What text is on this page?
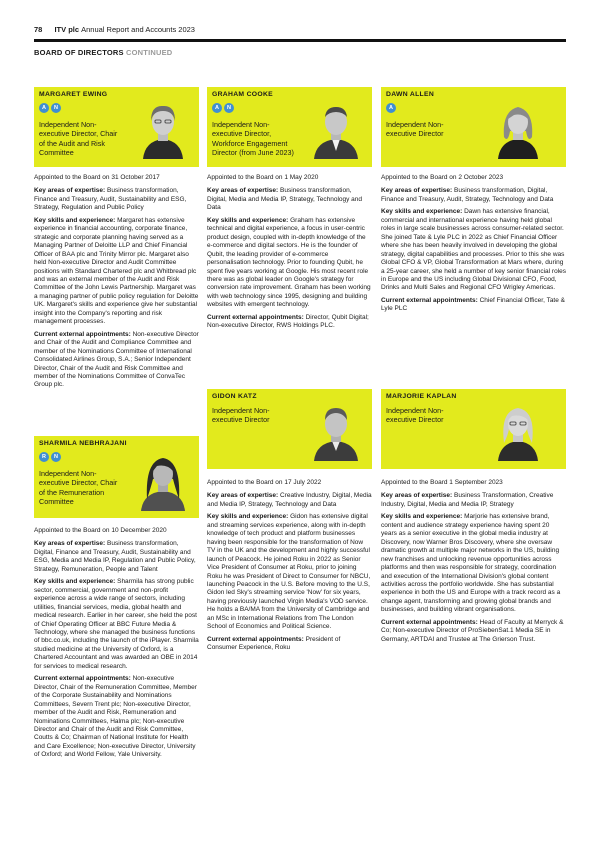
78 ITV plc Annual Report and Accounts 2023
BOARD OF DIRECTORS CONTINUED
MARGARET EWING
A	N
Independent Non-executive Director, Chair of the Audit and Risk Committee
GRAHAM COOKE
A	N
Independent Non-executive Director, Workforce Engagement Director (from June 2023)
DAWN ALLEN
A
Independent Non-executive Director

Appointed to the Board on 31 October 2017

Key areas of expertise: Business transformation, Finance and Treasury, Audit, Sustainability and ESG, Strategy, Regulation and Public Policy

Key skills and experience: Margaret has extensive experience in financial accounting, corporate finance, strategic and corporate planning having served as a Managing Partner of Deloitte LLP and Chief Financial Officer of BAA plc and Trinity Mirror plc. Margaret also held Non-executive Director and Audit Committee positions with Standard Chartered plc and Whitbread plc and was an external member of the Audit and Risk Committee of the John Lewis Partnership. Margaret was a managing partner of public policy regulation for Deloitte UK. Margaret's skills and experience give her substantial insight into the Company's reporting and risk management processes.

Current external appointments: Non-executive Director and Chair of the Audit and Compliance Committee and member of the Nominations Committee of International Consolidated Airlines Group, S.A.; Senior Independent Director, Chair of the Audit and Risk Committee and member of the Nominations Committee of ConvaTec Group plc.

Appointed to the Board on 1 May 2020

Key areas of expertise: Business transformation, Digital, Media and Media IP, Strategy, Technology and Data

Key skills and experience: Graham has extensive technical and digital experience, a focus in user-centric product design, coupled with in-depth knowledge of the e-commerce and digital sectors. He is the founder of Qubit, the leading provider of e-commerce personalisation technology. Prior to founding Qubit, he spent five years working at Google. His most recent role there was as global leader on Google's strategy for conversion rate improvement. Graham has been working with web technology since 1995, designing and building websites with emergent technology.

Current external appointments: Director, Qubit Digital; Non-executive Director, RWS Holdings PLC.

Appointed to the Board on 2 October 2023

Key areas of expertise: Business transformation, Digital, Finance and Treasury, Audit, Strategy, Technology and Data

Key skills and experience: Dawn has extensive financial, commercial and international experience having held global roles in large scale businesses across consumer-related sector. She joined Tate & Lyle PLC in 2022 as Chief Financial Officer where she has been heavily involved in developing the global strategy, digital capabilities and processes. Prior to this she was Global CFO & VP, Global Transformation at Mars where, during a 25-year career, she held a number of key senior financial roles in Europe and the US including Global Divisional CFO, Food, Drinks and Multi Sales and Regional CFO Wrigley Americas.

Current external appointments: Chief Financial Officer, Tate & Lyle PLC

SHARMILA NEBHRAJANI
R	N
Independent Non-executive Director, Chair of the Remuneration Committee

Appointed to the Board on 10 December 2020

Key areas of expertise: Business transformation, Digital, Finance and Treasury, Audit, Sustainability and ESG, Media and Media IP, Regulation and Public Policy, Strategy, Remuneration, People and Talent

Key skills and experience: Sharmila has strong public sector, commercial, government and non-profit experience across a wide range of sectors, including utilities, financial services, media, global health and medical research. Earlier in her career, she held the post of Chief Operating Officer at BBC Future Media & Technology, where she managed the business functions of bbc.co.uk, including the launch of the iPlayer. Sharmila studied medicine at the University of Oxford, is a Chartered Accountant and was awarded an OBE in 2014 for services to medical research.

Current external appointments: Non-executive Director, Chair of the Remuneration Committee, Member of the Corporate Sustainability and Nominations Committees, Severn Trent plc; Non-executive Director, member of the Audit and Risk, Remuneration and Nominations Committees, Halma plc; Non-executive Director and Chair of the Audit and Risk Committee, Coutts & Co; Chairman of National Institute for Health and Care Excellence; Non-executive Director, University of Oxford; and World Fellow, Yale University.

GIDON KATZ
Independent Non-executive Director
MARJORIE KAPLAN
Independent Non-executive Director

Appointed to the Board on 17 July 2022

Key areas of expertise: Creative Industry, Digital, Media and Media IP, Strategy, Technology and Data

Key skills and experience: Gidon has extensive digital and streaming services experience, along with in-depth knowledge of tech product and platform businesses having been responsible for the transformation of Now TV in the UK and the development and highly successful launch of Peacock. He joined Roku in 2022 as Senior Vice President of Consumer at Roku, prior to joining Roku he was President of Direct to Consumer for NBCU, launching Peacock in the U.S. Before moving to the U.S, Gidon led Sky's streaming service 'Now' for six years, having previously launched Virgin Media's VOD service. He holds a BA/MA from the University of Cambridge and an MSc in International Relations from The London School of Economics and Political Science.

Current external appointments: President of Consumer Experience, Roku

Appointed to the Board 1 September 2023

Key areas of expertise: Business Transformation, Creative Industry, Digital, Media and Media IP, Strategy

Key skills and experience: Marjorie has extensive brand, content and audience strategy experience having spent 20 years as a senior executive in the global media industry at Discovery, now Warner Bros Discovery, where she oversaw dramatic growth at multiple major networks in the US, building new franchises and unlocking revenue opportunities across platforms and then was responsible for strategy, coordination and execution of the International Division's global content activities across the portfolio worldwide. She has substantial experience in both the US and Europe with a track record as a change agent, transforming and growing global brands and businesses, and building vibrant organisations.

Current external appointments: Head of Faculty at Merryck & Co; Non-executive Director of ProSiebenSat.1 Media SE in Germany, ARTDAI and Trustee at The Grierson Trust.
